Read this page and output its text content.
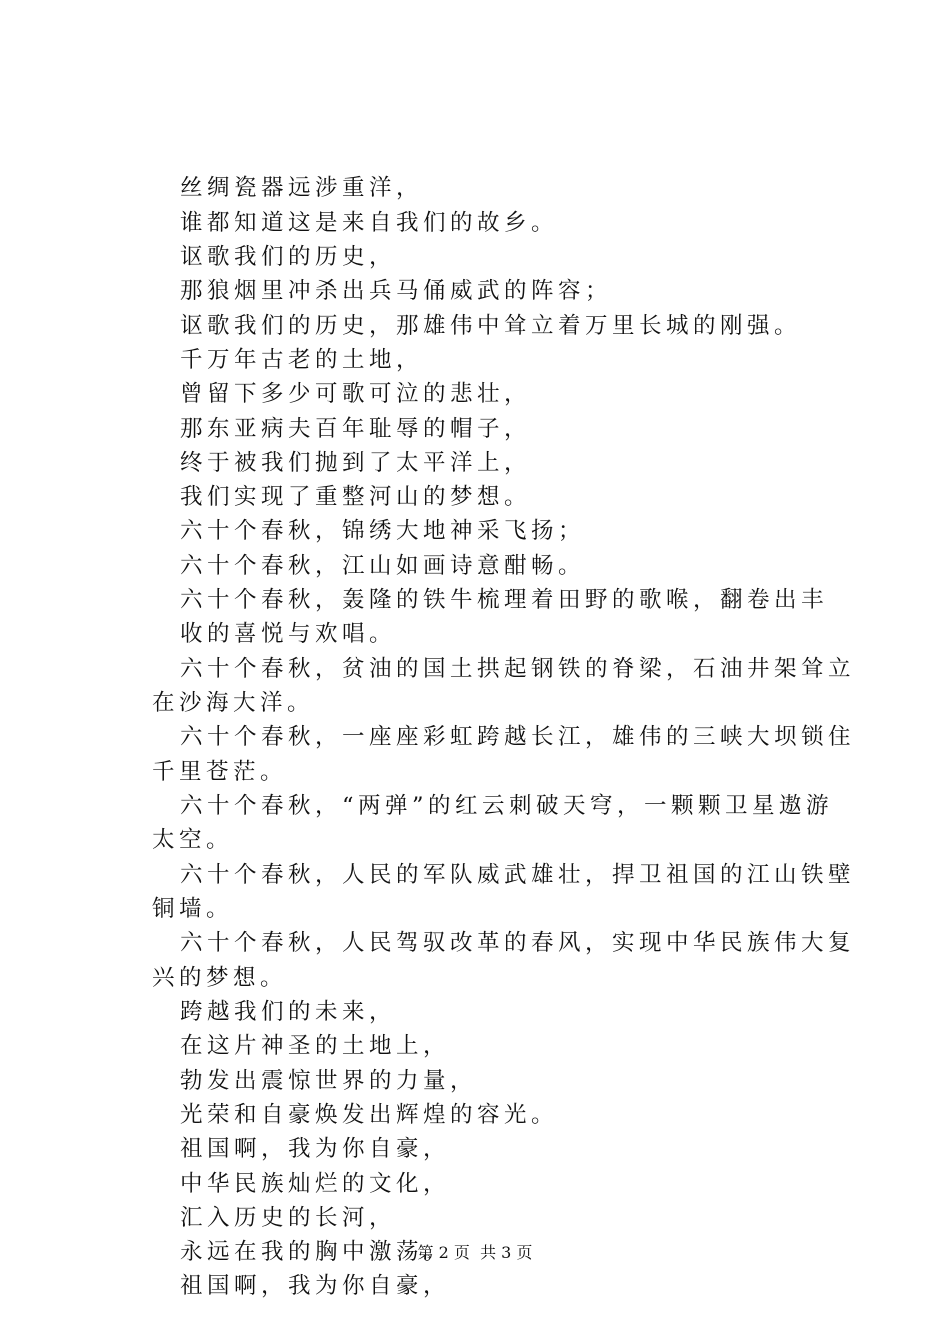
丝绸瓷器远涉重洋，
谁都知道这是来自我们的故乡。
讴歌我们的历史，
那狼烟里冲杀出兵马俑威武的阵容；
讴歌我们的历史，那雄伟中耸立着万里长城的刚强。
千万年古老的土地，
曾留下多少可歌可泣的悲壮，
那东亚病夫百年耻辱的帽子，
终于被我们抛到了太平洋上，
我们实现了重整河山的梦想。
六十个春秋，锦绣大地神采飞扬；
六十个春秋，江山如画诗意酣畅。
六十个春秋，轰隆的铁牛梳理着田野的歌喉，翻卷出丰
收的喜悦与欢唱。
六十个春秋，贫油的国土拱起钢铁的脊梁，石油井架耸立
在沙海大洋。
六十个春秋，一座座彩虹跨越长江，雄伟的三峡大坝锁住
千里苍茫。
六十个春秋，“两弹”的红云刺破天穹，一颗颗卫星遨游
太空。
六十个春秋，人民的军队威武雄壮，捍卫祖国的江山铁壁
铜墙。
六十个春秋，人民驾驭改革的春风，实现中华民族伟大复
兴的梦想。
跨越我们的未来，
在这片神圣的土地上，
勃发出震惊世界的力量，
光荣和自豪焕发出辉煌的容光。
祖国啊，我为你自豪，
中华民族灿烂的文化，
汇入历史的长河，
永远在我的胸中激荡。
祖国啊，我为你自豪，
第 2 页  共 3 页
